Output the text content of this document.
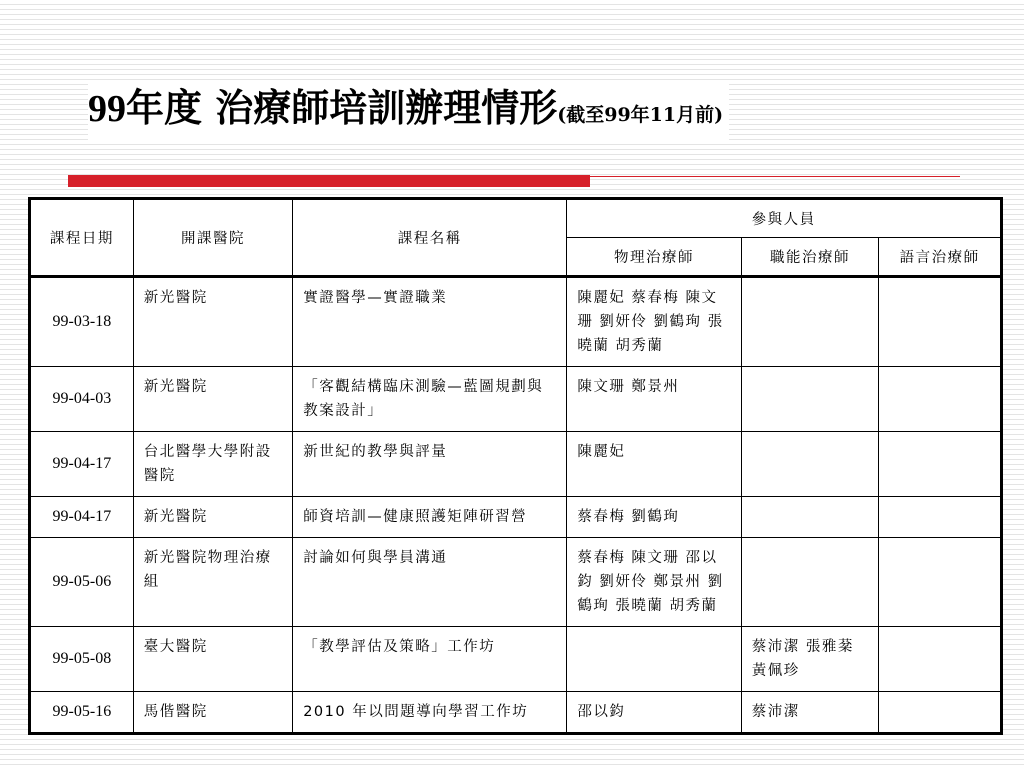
99年度 治療師培訓辦理情形(截至99年11月前)
課程日期	開課醫院	課程名稱	參與人員		
			物理治療師	職能治療師	語言治療師
99-03-18	新光醫院	實證醫學—實證職業	陳麗妃 蔡春梅 陳文珊 劉妍伶 劉鶴珣 張曉蘭 胡秀蘭		
99-04-03	新光醫院	「客觀結構臨床測驗—藍圖規劃與教案設計」	陳文珊 鄭景州		
99-04-17	台北醫學大學附設醫院	新世紀的教學與評量	陳麗妃		
99-04-17	新光醫院	師資培訓—健康照護矩陣研習營	蔡春梅 劉鶴珣		
99-05-06	新光醫院物理治療組	討論如何與學員溝通	蔡春梅 陳文珊 邵以鈞 劉妍伶 鄭景州 劉鶴珣 張曉蘭 胡秀蘭		
99-05-08	臺大醫院	「教學評估及策略」工作坊		蔡沛潔 張雅棻 黃佩珍	
99-05-16	馬偕醫院	2010 年以問題導向學習工作坊	邵以鈞	蔡沛潔	
